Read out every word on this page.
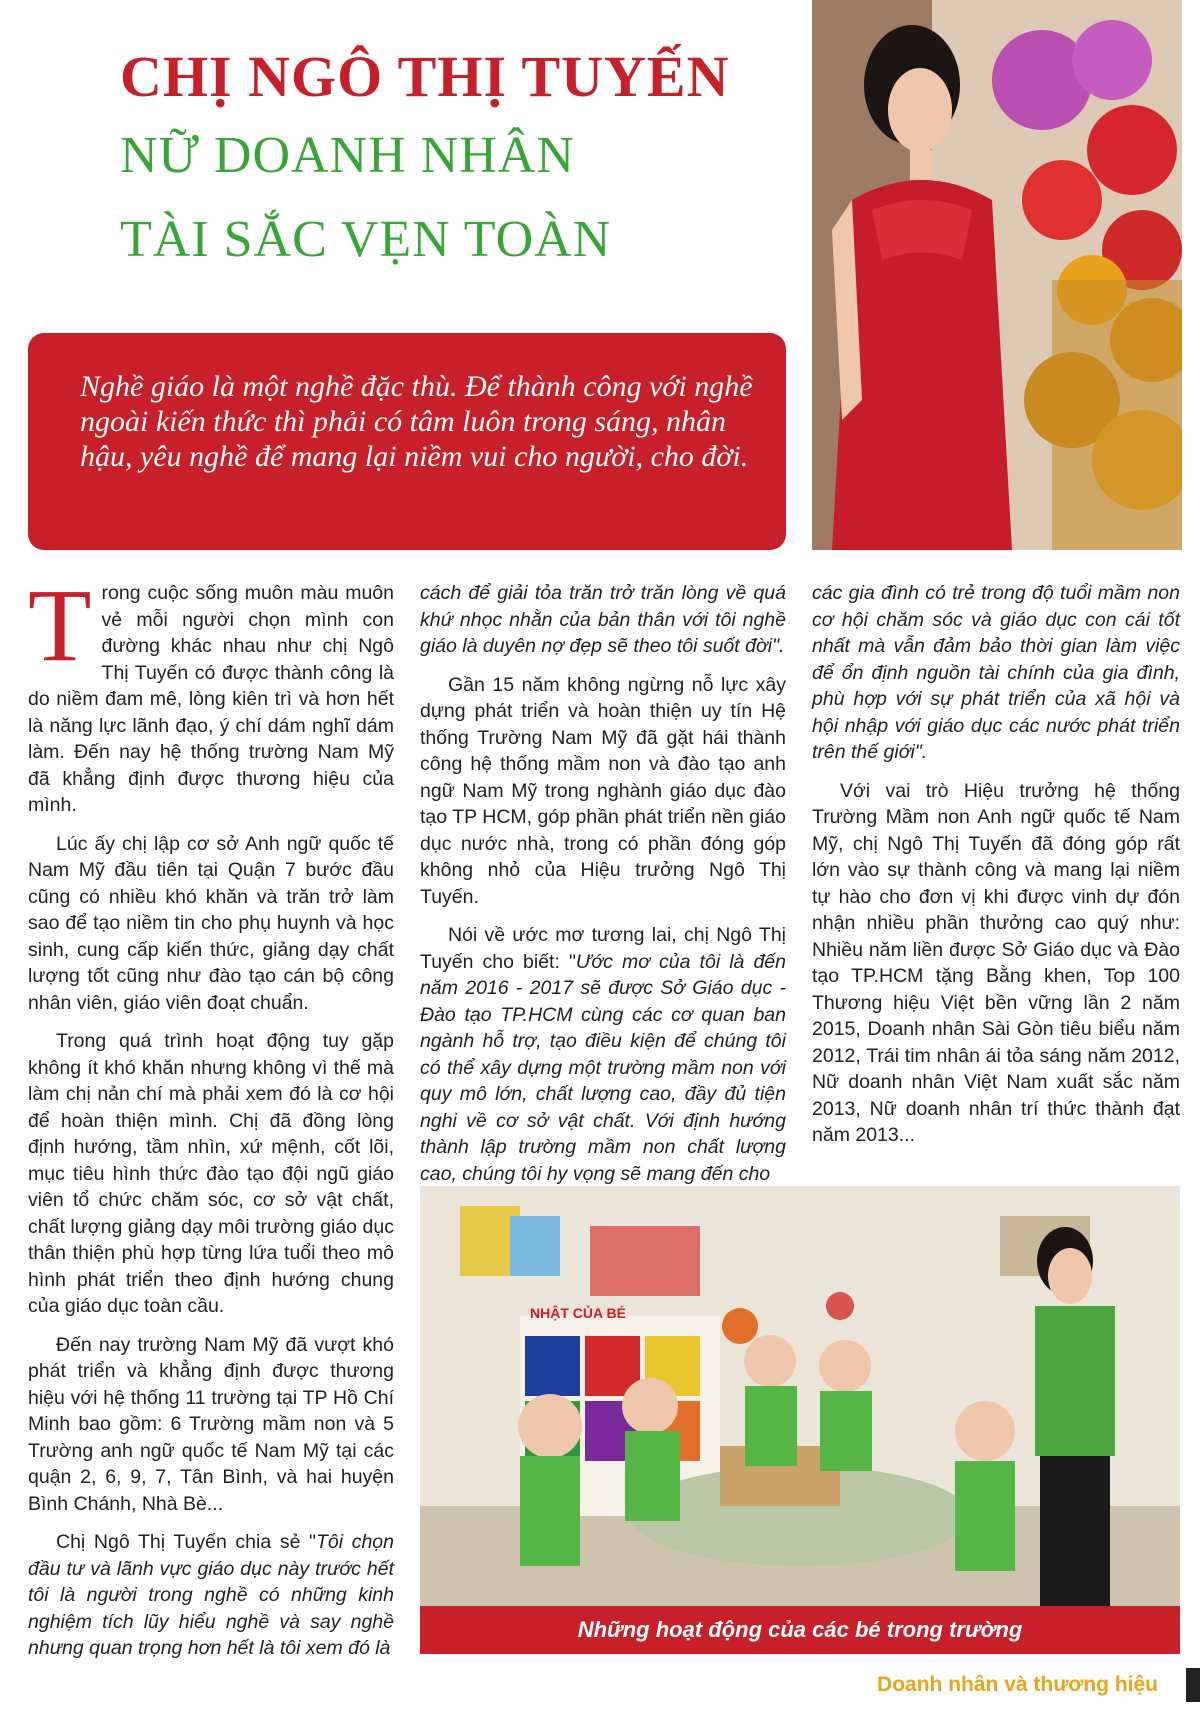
CHỊ NGÔ THỊ TUYẾN
NỮ DOANH NHÂN
TÀI SẮC VẸN TOÀN
Nghề giáo là một nghề đặc thù. Để thành công với nghề ngoài kiến thức thì phải có tâm luôn trong sáng, nhân hậu, yêu nghề để mang lại niềm vui cho người, cho đời.

Trong cuộc sống muôn màu muôn vẻ mỗi người chọn mình con đường khác nhau như chị Ngô Thị Tuyến có được thành công là do niềm đam mê, lòng kiên trì và hơn hết là năng lực lãnh đạo, ý chí dám nghĩ dám làm. Đến nay hệ thống trường Nam Mỹ đã khẳng định được thương hiệu của mình.

Lúc ấy chị lập cơ sở Anh ngữ quốc tế Nam Mỹ đầu tiên tại Quận 7 bước đầu cũng có nhiều khó khăn và trăn trở làm sao để tạo niềm tin cho phụ huynh và học sinh, cung cấp kiến thức, giảng dạy chất lượng tốt cũng như đào tạo cán bộ công nhân viên, giáo viên đoạt chuẩn.

Trong quá trình hoạt động tuy gặp không ít khó khăn nhưng không vì thế mà làm chị nản chí mà phải xem đó là cơ hội để hoàn thiện mình. Chị đã đồng lòng định hướng, tầm nhìn, xứ mệnh, cốt lõi, mục tiêu hình thức đào tạo đội ngũ giáo viên tổ chức chăm sóc, cơ sở vật chất, chất lượng giảng dạy môi trường giáo dục thân thiện phù hợp từng lứa tuổi theo mô hình phát triển theo định hướng chung của giáo dục toàn cầu.

Đến nay trường Nam Mỹ đã vượt khó phát triển và khẳng định được thương hiệu với hệ thống 11 trường tại TP Hồ Chí Minh bao gồm: 6 Trường mầm non và 5 Trường anh ngữ quốc tế Nam Mỹ tại các quận 2, 6, 9, 7, Tân Bình, và hai huyện Bình Chánh, Nhà Bè...

Chị Ngô Thị Tuyến chia sẻ "Tôi chọn đầu tư và lãnh vực giáo dục này trước hết tôi là người trong nghề có những kinh nghiệm tích lũy hiểu nghề và say nghề nhưng quan trọng hơn hết là tôi xem đó là

cách để giải tỏa trăn trở trăn lòng về quá khứ nhọc nhằn của bản thân với tôi nghề giáo là duyên nợ đẹp sẽ theo tôi suốt đời".

Gần 15 năm không ngừng nỗ lực xây dựng phát triển và hoàn thiện uy tín Hệ thống Trường Nam Mỹ đã gặt hái thành công hệ thống mầm non và đào tạo anh ngữ Nam Mỹ trong nghành giáo dục đào tạo TP HCM, góp phần phát triển nền giáo dục nước nhà, trong có phần đóng góp không nhỏ của Hiệu trưởng Ngô Thị Tuyến.

Nói về ước mơ tương lai, chị Ngô Thị Tuyến cho biết: "Ước mơ của tôi là đến năm 2016 - 2017 sẽ được Sở Giáo dục - Đào tạo TP.HCM cùng các cơ quan ban ngành hỗ trợ, tạo điều kiện để chúng tôi có thể xây dựng một trường mầm non với quy mô lớn, chất lượng cao, đầy đủ tiện nghi về cơ sở vật chất. Với định hướng thành lập trường mầm non chất lượng cao, chúng tôi hy vọng sẽ mang đến cho

các gia đình có trẻ trong độ tuổi mầm non cơ hội chăm sóc và giáo dục con cái tốt nhất mà vẫn đảm bảo thời gian làm việc để ổn định nguồn tài chính của gia đình, phù hợp với sự phát triển của xã hội và hội nhập với giáo dục các nước phát triển trên thế giới".

Với vai trò Hiệu trưởng hệ thống Trường Mầm non Anh ngữ quốc tế Nam Mỹ, chị Ngô Thị Tuyến đã đóng góp rất lớn vào sự thành công và mang lại niềm tự hào cho đơn vị khi được vinh dự đón nhận nhiều phần thưởng cao quý như: Nhiều năm liền được Sở Giáo dục và Đào tạo TP.HCM tặng Bằng khen, Top 100 Thương hiệu Việt bền vững lần 2 năm 2015, Doanh nhân Sài Gòn tiêu biểu năm 2012, Trái tim nhân ái tỏa sáng năm 2012, Nữ doanh nhân Việt Nam xuất sắc năm 2013, Nữ doanh nhân trí thức thành đạt năm 2013...

NHẬT CỦA BÉ
Những hoạt động của các bé trong trường
Doanh nhân và thương hiệu
